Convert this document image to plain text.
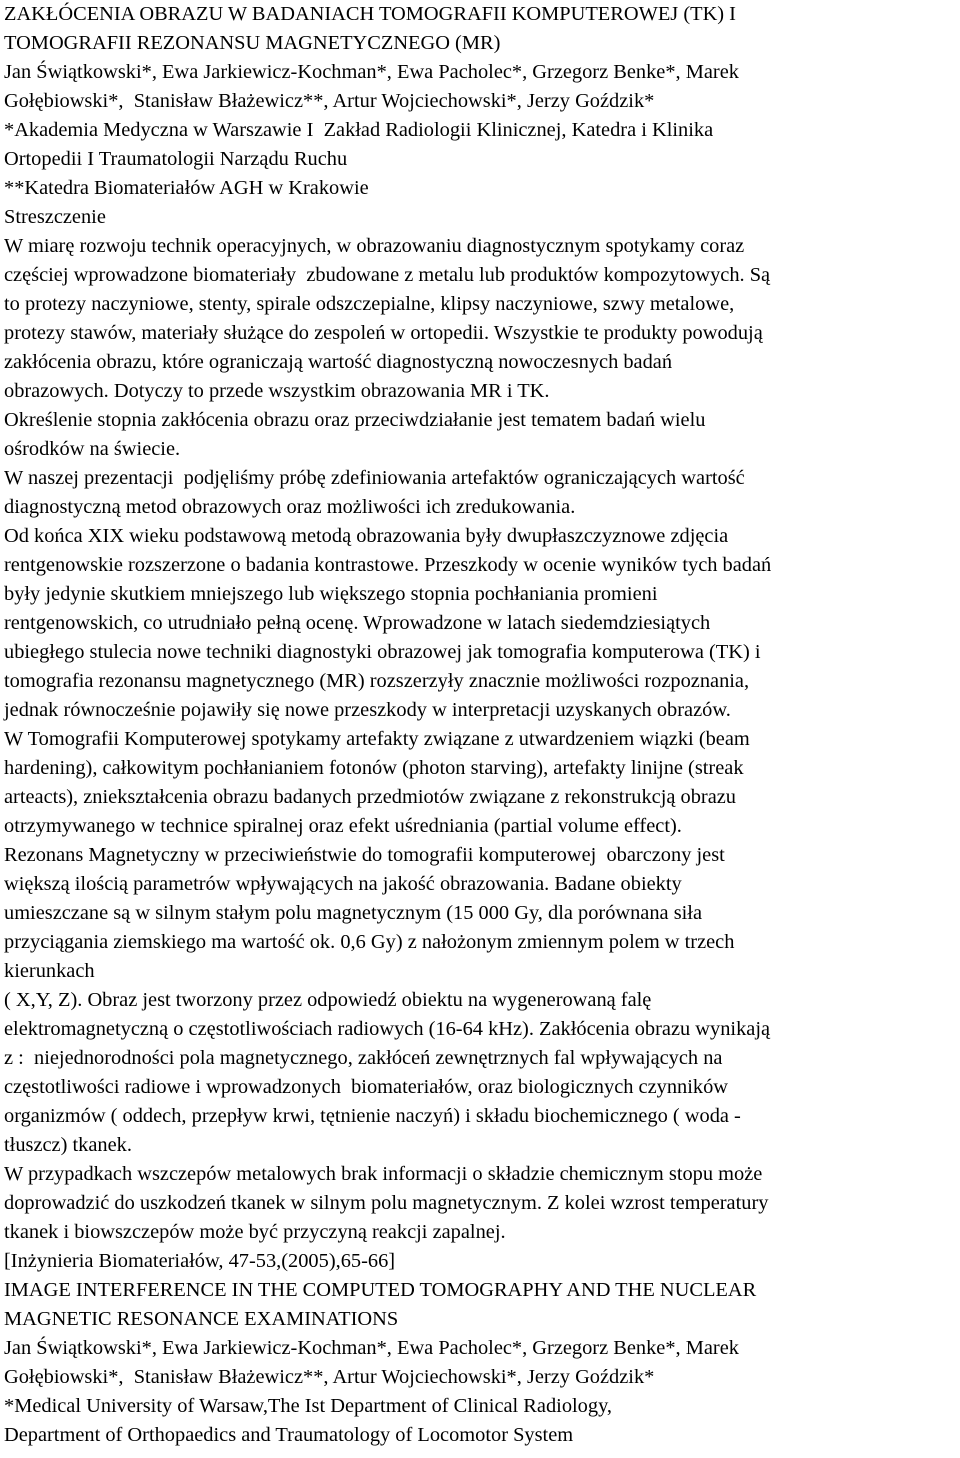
ZAKŁÓCENIA OBRAZU W BADANIACH TOMOGRAFII KOMPUTEROWEJ (TK) I

TOMOGRAFII REZONANSU MAGNETYCZNEGO (MR)

Jan Świątkowski*, Ewa Jarkiewicz-Kochman*, Ewa Pacholec*, Grzegorz Benke*, Marek

Gołębiowski*,  Stanisław Błażewicz**, Artur Wojciechowski*, Jerzy Goździk*

*Akademia Medyczna w Warszawie I  Zakład Radiologii Klinicznej, Katedra i Klinika

Ortopedii I Traumatologii Narządu Ruchu

**Katedra Biomateriałów AGH w Krakowie

Streszczenie

W miarę rozwoju technik operacyjnych, w obrazowaniu diagnostycznym spotykamy coraz

częściej wprowadzone biomateriały  zbudowane z metalu lub produktów kompozytowych. Są

to protezy naczyniowe, stenty, spirale odszczepialne, klipsy naczyniowe, szwy metalowe,

protezy stawów, materiały służące do zespoleń w ortopedii. Wszystkie te produkty powodują

zakłócenia obrazu, które ograniczają wartość diagnostyczną nowoczesnych badań

obrazowych. Dotyczy to przede wszystkim obrazowania MR i TK.

Określenie stopnia zakłócenia obrazu oraz przeciwdziałanie jest tematem badań wielu

ośrodków na świecie.

W naszej prezentacji  podjęliśmy próbę zdefiniowania artefaktów ograniczających wartość

diagnostyczną metod obrazowych oraz możliwości ich zredukowania.

Od końca XIX wieku podstawową metodą obrazowania były dwupłaszczyznowe zdjęcia

rentgenowskie rozszerzone o badania kontrastowe. Przeszkody w ocenie wyników tych badań

były jedynie skutkiem mniejszego lub większego stopnia pochłaniania promieni

rentgenowskich, co utrudniało pełną ocenę. Wprowadzone w latach siedemdziesiątych

ubiegłego stulecia nowe techniki diagnostyki obrazowej jak tomografia komputerowa (TK) i

tomografia rezonansu magnetycznego (MR) rozszerzyły znacznie możliwości rozpoznania,

jednak równocześnie pojawiły się nowe przeszkody w interpretacji uzyskanych obrazów.

W Tomografii Komputerowej spotykamy artefakty związane z utwardzeniem wiązki (beam

hardening), całkowitym pochłanianiem fotonów (photon starving), artefakty linijne (streak

arteacts), zniekształcenia obrazu badanych przedmiotów związane z rekonstrukcją obrazu

otrzymywanego w technice spiralnej oraz efekt uśredniania (partial volume effect).

Rezonans Magnetyczny w przeciwieństwie do tomografii komputerowej  obarczony jest

większą ilością parametrów wpływających na jakość obrazowania. Badane obiekty

umieszczane są w silnym stałym polu magnetycznym (15 000 Gy, dla porównana siła

przyciągania ziemskiego ma wartość ok. 0,6 Gy) z nałożonym zmiennym polem w trzech

kierunkach

( X,Y, Z). Obraz jest tworzony przez odpowiedź obiektu na wygenerowaną falę

elektromagnetyczną o częstotliwościach radiowych (16-64 kHz). Zakłócenia obrazu wynikają

z :  niejednorodności pola magnetycznego, zakłóceń zewnętrznych fal wpływających na

częstotliwości radiowe i wprowadzonych  biomateriałów, oraz biologicznych czynników

organizmów ( oddech, przepływ krwi, tętnienie naczyń) i składu biochemicznego ( woda -

tłuszcz) tkanek.

W przypadkach wszczepów metalowych brak informacji o składzie chemicznym stopu może

doprowadzić do uszkodzeń tkanek w silnym polu magnetycznym. Z kolei wzrost temperatury

tkanek i biowszczepów może być przyczyną reakcji zapalnej.

[Inżynieria Biomateriałów, 47-53,(2005),65-66]

IMAGE INTERFERENCE IN THE COMPUTED TOMOGRAPHY AND THE NUCLEAR

MAGNETIC RESONANCE EXAMINATIONS

Jan Świątkowski*, Ewa Jarkiewicz-Kochman*, Ewa Pacholec*, Grzegorz Benke*, Marek

Gołębiowski*,  Stanisław Błażewicz**, Artur Wojciechowski*, Jerzy Goździk*

*Medical University of Warsaw,The Ist Department of Clinical Radiology,

Department of Orthopaedics and Traumatology of Locomotor System
